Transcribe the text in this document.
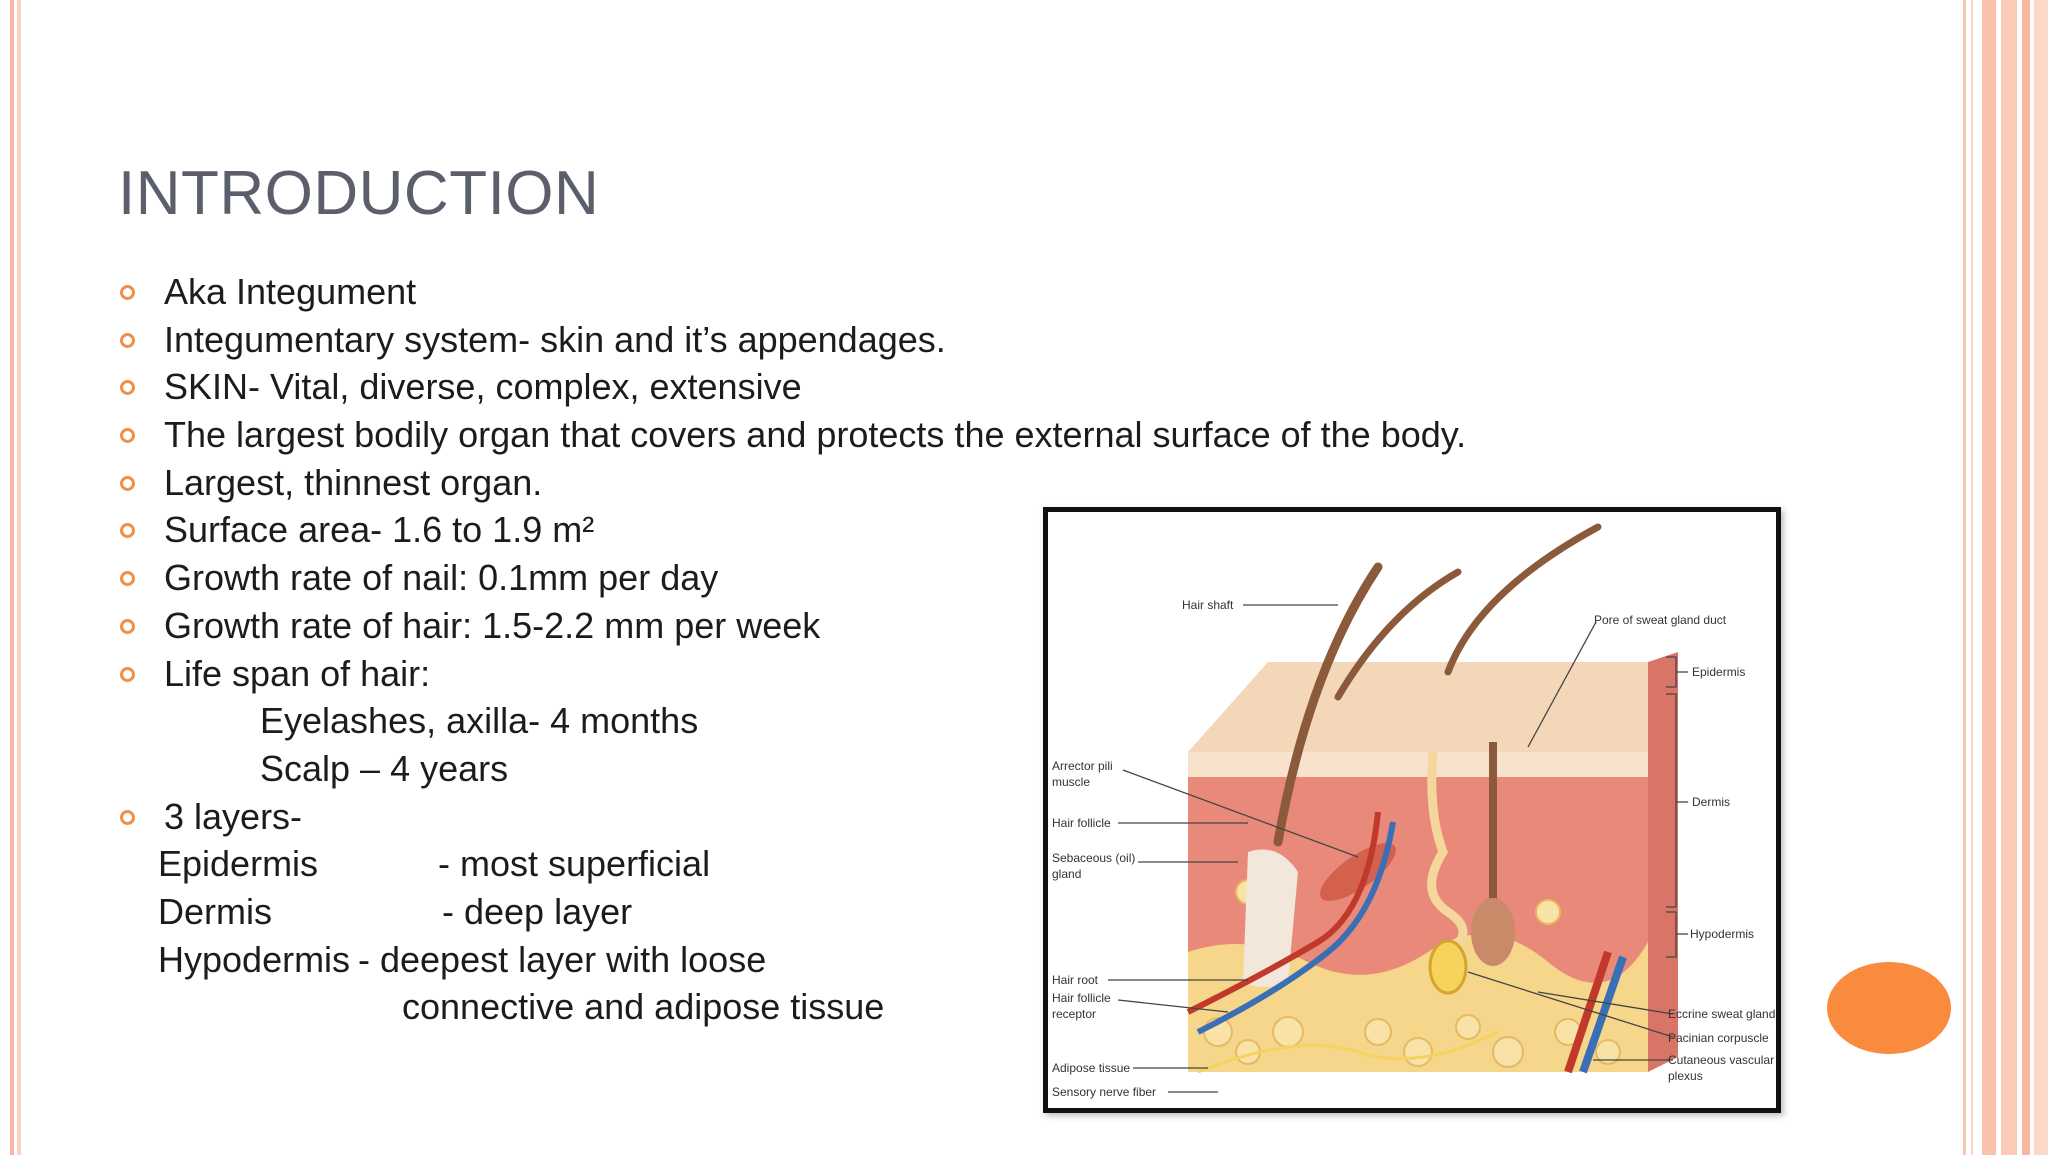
INTRODUCTION
Aka Integument
Integumentary system- skin and it’s appendages.
SKIN- Vital, diverse, complex, extensive
The largest bodily organ that covers and protects the external surface of the body.
Largest, thinnest organ.
Surface area- 1.6 to 1.9 m²
Growth rate of nail: 0.1mm per day
Growth rate of hair: 1.5-2.2 mm per week
Life span of hair:
Eyelashes, axilla- 4 months
Scalp – 4 years
3 layers-
Epidermis	- most superficial
Dermis	- deep layer
Hypodermis - deepest layer with loose
connective and adipose tissue
Hair shaft
Pore of sweat gland duct
Epidermis
Dermis
Hypodermis
Arrector pili
muscle
Hair follicle
Sebaceous (oil)
gland
Hair root
Hair follicle
receptor
Adipose tissue
Sensory nerve fiber
Eccrine sweat gland
Pacinian corpuscle
Cutaneous vascular
plexus
